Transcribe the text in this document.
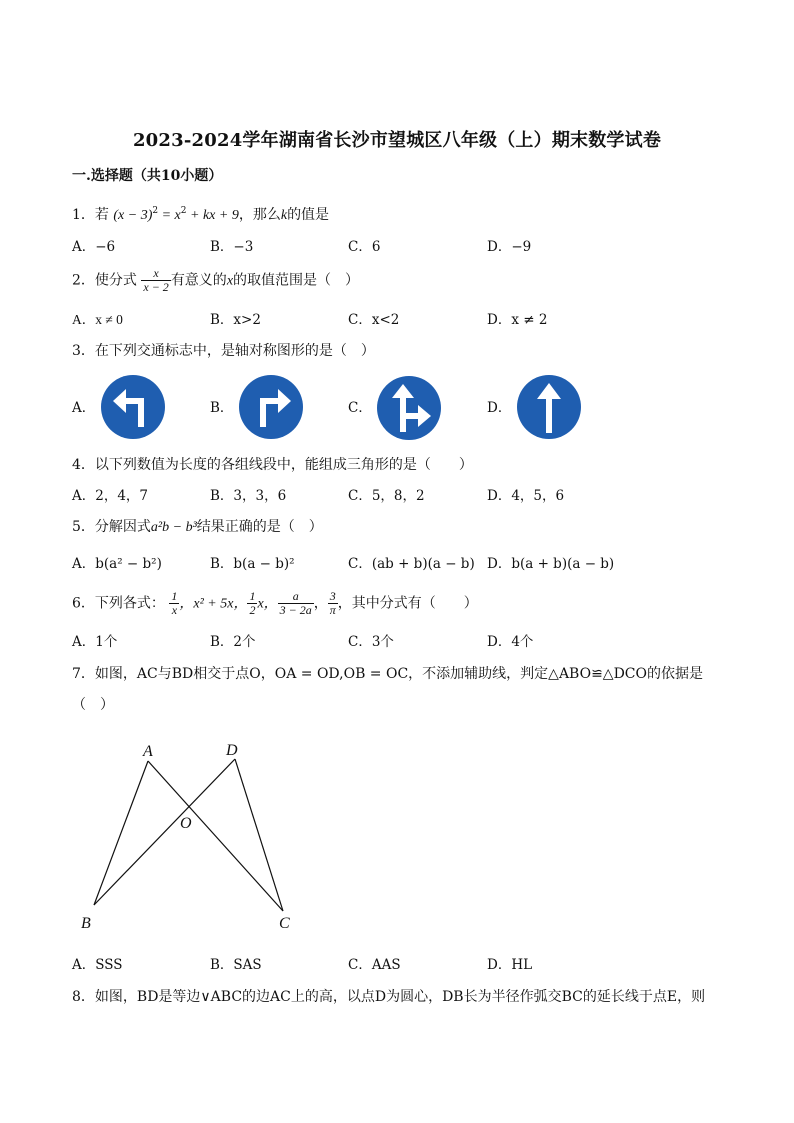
2023-2024学年湖南省长沙市望城区八年级（上）期末数学试卷
一.选择题（共10小题）
1．若 $(x - 3)^2 = x^2$ + kx + 9，那么k的值是
A．−6	B．−3	C．6	D．−9
2．使分式 $\frac{x}{x - 2}$ 有意义的x的取值范围是（　）
A．x ≠ 0	B．x>2	C．x<2	D．x ≠ 2
3．在下列交通标志中，是轴对称图形的是（　）
A．	B．	C．	D．
4．以下列数值为长度的各组线段中，能组成三角形的是（　　）
A．2，4，7	B．3，3，6	C．5，8，2	D．4，5，6
5．分解因式a²b − b³结果正确的是（　）
A．b(a² − b²)	B．b(a − b)²	C．(ab + b)(a − b) D．b(a + b)(a − b)
6．下列各式： $\frac{1}{x}$ ，x² + 5x， $\frac{1}{2}$ x， $\frac{a}{3 - 2a}$ ， $\frac{3}{\pi}$ ，其中分式有（　　）
A．1个	B．2个	C．3个	D．4个
7．如图，AC与BD相交于点O，OA = OD,OB = OC，不添加辅助线，判定△ABO≌△DCO的依据是
（　）
A	D
O
B	C
A．SSS	B．SAS	C．AAS	D．HL
8．如图，BD是等边∨ABC的边AC上的高，以点D为圆心，DB长为半径作弧交BC的延长线于点E，则
